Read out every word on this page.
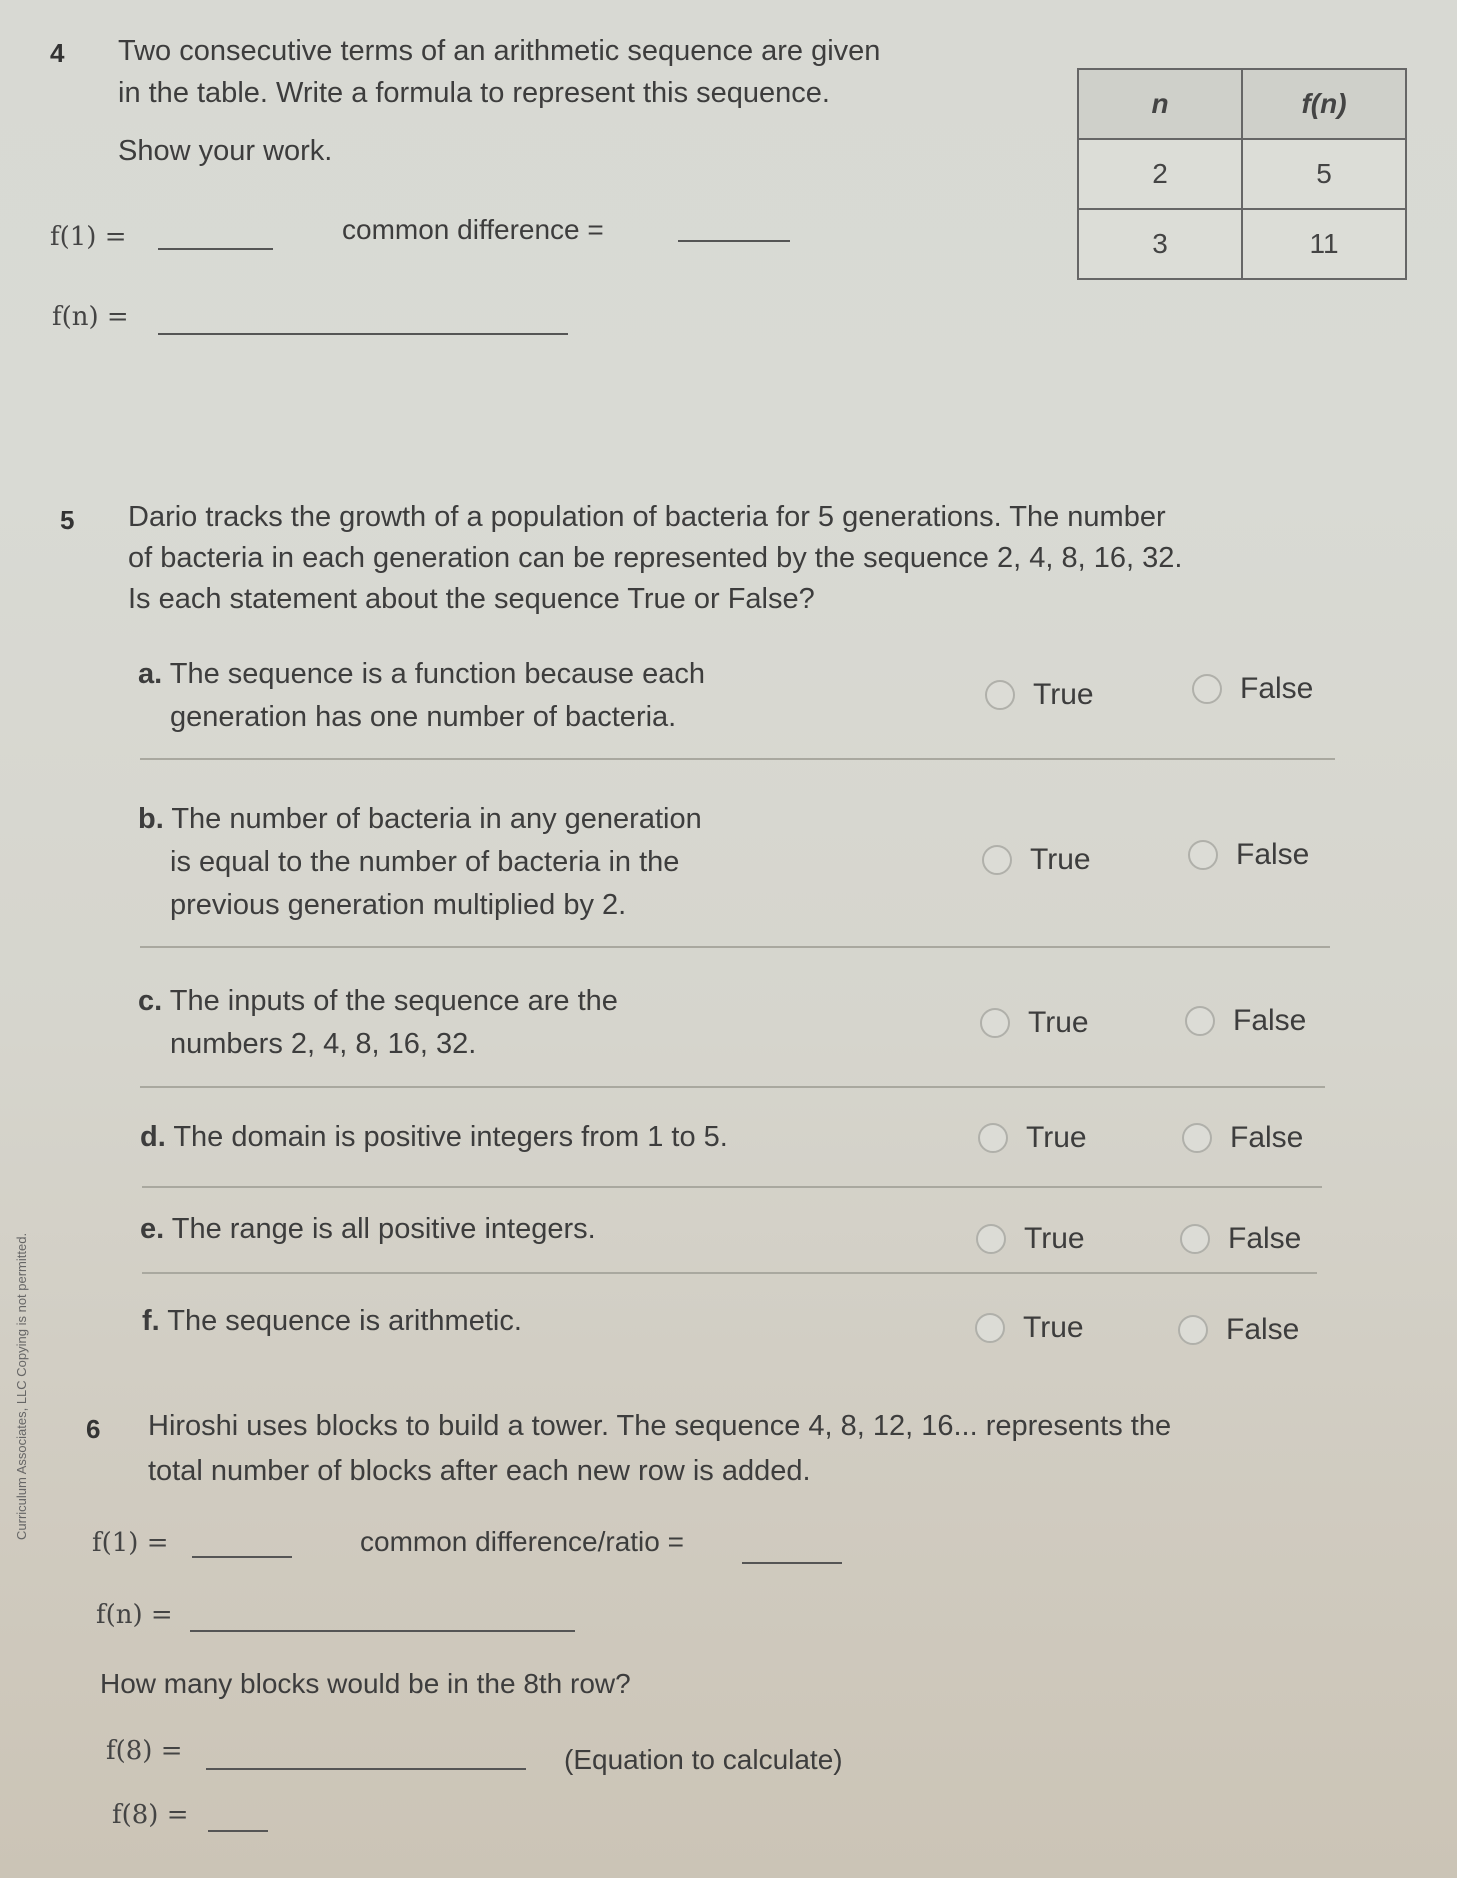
4 Two consecutive terms of an arithmetic sequence are given
in the table. Write a formula to represent this sequence.
Show your work.
f(1) =	common difference =
f(n) =
n	f(n)
2	5
3	11
5 Dario tracks the growth of a population of bacteria for 5 generations. The number
of bacteria in each generation can be represented by the sequence 2, 4, 8, 16, 32.
Is each statement about the sequence True or False?
a. The sequence is a function because each
generation has one number of bacteria.
True	False
b. The number of bacteria in any generation
is equal to the number of bacteria in the
previous generation multiplied by 2.
True	False
c. The inputs of the sequence are the
numbers 2, 4, 8, 16, 32.
True	False
d. The domain is positive integers from 1 to 5.	True	False
e. The range is all positive integers.	True	False
f. The sequence is arithmetic.	True	False
6 Hiroshi uses blocks to build a tower. The sequence 4, 8, 12, 16... represents the
total number of blocks after each new row is added.
f(1) =	common difference/ratio =
f(n) =
How many blocks would be in the 8th row?
f(8) =	(Equation to calculate)
f(8) =
Curriculum Associates, LLC Copying is not permitted.
